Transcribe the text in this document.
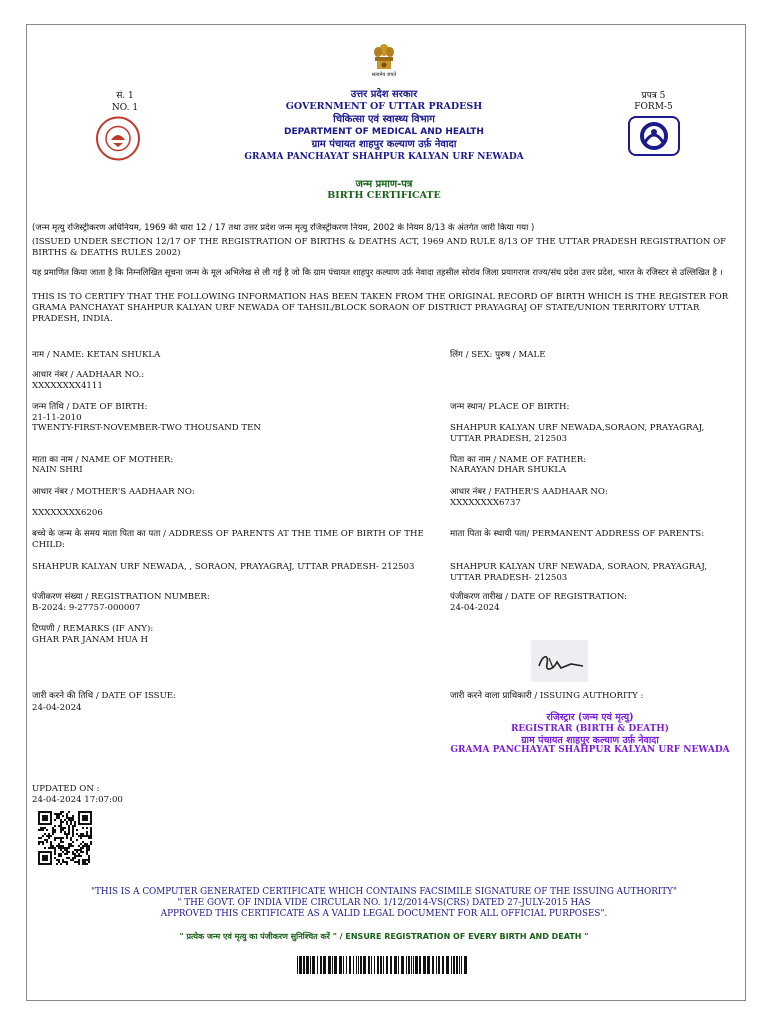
सत्यमेव जयते
सं. 1
NO. 1
प्रपत्र 5
FORM-5
उत्तर प्रदेश सरकार
GOVERNMENT OF UTTAR PRADESH
चिकित्सा एवं स्वास्थ्य विभाग
DEPARTMENT OF MEDICAL AND HEALTH
ग्राम पंचायत शाहपुर कल्याण उर्फ़ नेवादा
GRAMA PANCHAYAT SHAHPUR KALYAN URF NEWADA
जन्म प्रमाण-पत्र
BIRTH CERTIFICATE
(जन्म मृत्यु रजिस्ट्रीकरण अधिनियम, 1969 की धारा 12 / 17 तथा उत्तर प्रदेश जन्म मृत्यु रजिस्ट्रीकरण नियम, 2002 के नियम 8/13 के अंतर्गत जारी किया गया )
(ISSUED UNDER SECTION 12/17 OF THE REGISTRATION OF BIRTHS & DEATHS ACT, 1969 AND RULE 8/13 OF THE UTTAR PRADESH REGISTRATION OF BIRTHS & DEATHS RULES 2002)
यह प्रमाणित किया जाता है कि निम्नलिखित सूचना जन्म के मूल अभिलेख से ली गई है जो कि ग्राम पंचायत शाहपुर कल्याण उर्फ़ नेवादा तहसील सोरांव जिला प्रयागराज राज्य/संघ प्रदेश उत्तर प्रदेश, भारत के रजिस्टर से उल्लिखित है ।
THIS IS TO CERTIFY THAT THE FOLLOWING INFORMATION HAS BEEN TAKEN FROM THE ORIGINAL RECORD OF BIRTH WHICH IS THE REGISTER FOR GRAMA PANCHAYAT SHAHPUR KALYAN URF NEWADA OF TAHSIL/BLOCK SORAON OF DISTRICT PRAYAGRAJ OF STATE/UNION TERRITORY UTTAR PRADESH, INDIA.
नाम / NAME: KETAN SHUKLA
आधार नंबर / AADHAAR NO.:
XXXXXXXX4111
जन्म तिथि / DATE OF BIRTH:
21-11-2010
TWENTY-FIRST-NOVEMBER-TWO THOUSAND TEN
माता का नाम / NAME OF MOTHER:
NAIN SHRI
आधार नंबर / MOTHER'S AADHAAR NO:
XXXXXXXX6206
बच्चे के जन्म के समय माता पिता का पता / ADDRESS OF PARENTS AT THE TIME OF BIRTH OF THE CHILD:
SHAHPUR KALYAN URF NEWADA, , SORAON, PRAYAGRAJ, UTTAR PRADESH- 212503
पंजीकरण संख्या / REGISTRATION NUMBER:
B-2024: 9-27757-000007
टिप्पणी / REMARKS (IF ANY):
GHAR PAR JANAM HUA H
जारी करने की तिथि / DATE OF ISSUE:
24-04-2024
लिंग / SEX: पुरुष / MALE
जन्म स्थान/ PLACE OF BIRTH:
SHAHPUR KALYAN URF NEWADA,SORAON, PRAYAGRAJ,
UTTAR PRADESH, 212503
पिता का नाम / NAME OF FATHER:
NARAYAN DHAR SHUKLA
आधार नंबर / FATHER'S AADHAAR NO:
XXXXXXXX6737
माता पिता के स्थायी पता/ PERMANENT ADDRESS OF PARENTS:
SHAHPUR KALYAN URF NEWADA, SORAON, PRAYAGRAJ,
UTTAR PRADESH- 212503
पंजीकरण तारीख / DATE OF REGISTRATION:
24-04-2024
जारी करने वाला प्राधिकारी / ISSUING AUTHORITY :
रजिस्ट्रार (जन्म एवं मृत्यु)
REGISTRAR (BIRTH & DEATH)
ग्राम पंचायत शाहपुर कल्याण उर्फ़ नेवादा
GRAMA PANCHAYAT SHAHPUR KALYAN URF NEWADA
UPDATED ON :
24-04-2024 17:07:00
"THIS IS A COMPUTER GENERATED CERTIFICATE WHICH CONTAINS FACSIMILE SIGNATURE OF THE ISSUING AUTHORITY"
" THE GOVT. OF INDIA VIDE CIRCULAR NO. 1/12/2014-VS(CRS) DATED 27-JULY-2015 HAS
APPROVED THIS CERTIFICATE AS A VALID LEGAL DOCUMENT FOR ALL OFFICIAL PURPOSES".
" प्रत्येक जन्म एवं मृत्यु का पंजीकरण सुनिश्चित करें " / ENSURE REGISTRATION OF EVERY BIRTH AND DEATH "
